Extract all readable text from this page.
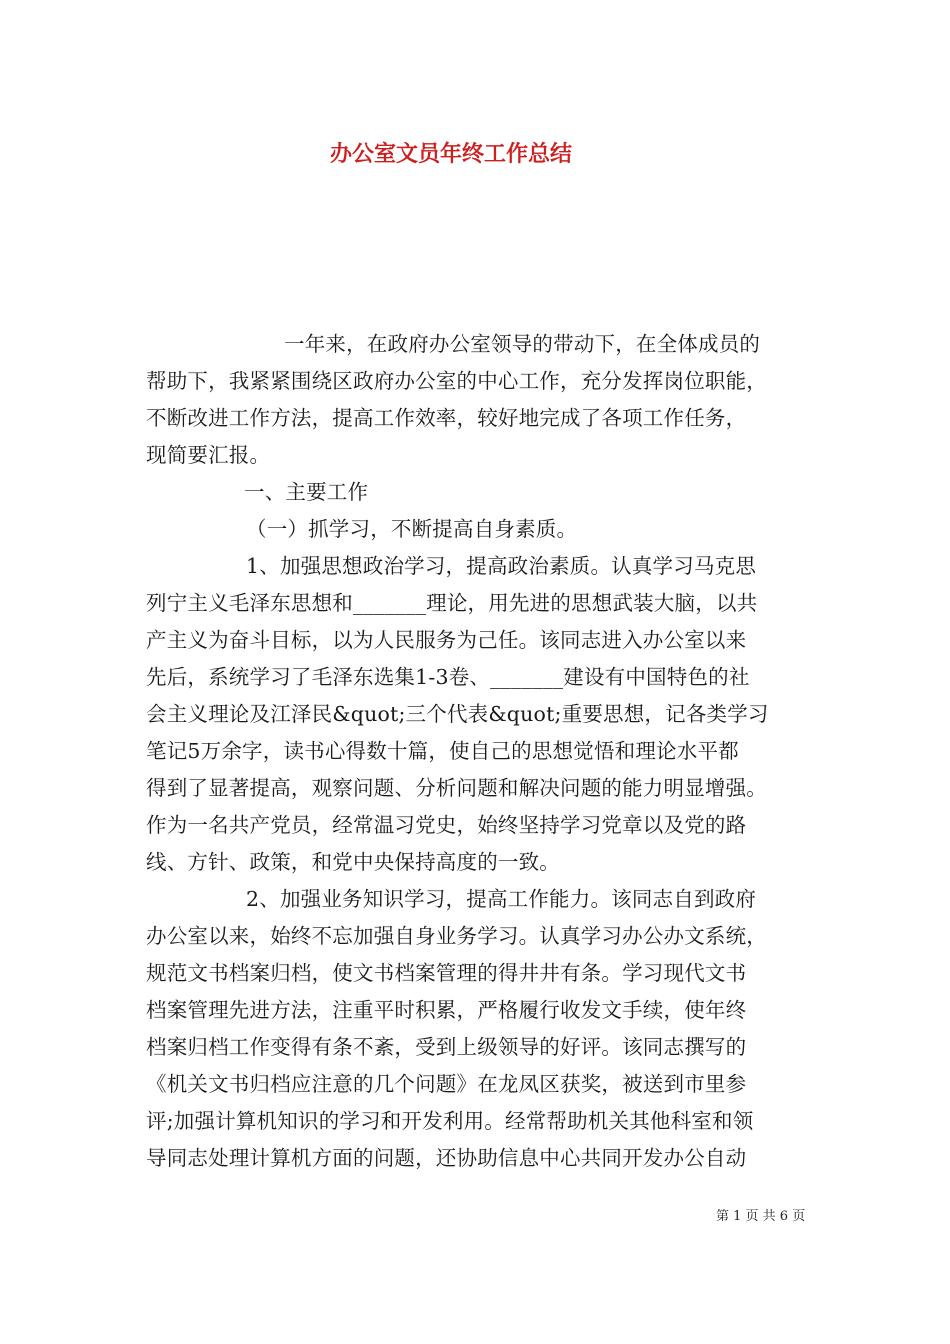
办公室文员年终工作总结
一年来，在政府办公室领导的带动下，在全体成员的
帮助下，我紧紧围绕区政府办公室的中心工作，充分发挥岗位职能，
不断改进工作方法，提高工作效率，较好地完成了各项工作任务，
现简要汇报。
一、主要工作
（一）抓学习，不断提高自身素质。
1、加强思想政治学习，提高政治素质。认真学习马克思
列宁主义毛泽东思想和_______理论，用先进的思想武装大脑，以共
产主义为奋斗目标，以为人民服务为己任。该同志进入办公室以来
先后，系统学习了毛泽东选集1-3卷、_______建设有中国特色的社
会主义理论及江泽民&quot;三个代表&quot;重要思想，记各类学习
笔记5万余字，读书心得数十篇，使自己的思想觉悟和理论水平都
得到了显著提高，观察问题、分析问题和解决问题的能力明显增强。
作为一名共产党员，经常温习党史，始终坚持学习党章以及党的路
线、方针、政策，和党中央保持高度的一致。
2、加强业务知识学习，提高工作能力。该同志自到政府
办公室以来，始终不忘加强自身业务学习。认真学习办公办文系统，
规范文书档案归档，使文书档案管理的得井井有条。学习现代文书
档案管理先进方法，注重平时积累，严格履行收发文手续，使年终
档案归档工作变得有条不紊，受到上级领导的好评。该同志撰写的
《机关文书归档应注意的几个问题》在龙凤区获奖，被送到市里参
评;加强计算机知识的学习和开发利用。经常帮助机关其他科室和领
导同志处理计算机方面的问题，还协助信息中心共同开发办公自动
第 1 页 共 6 页
